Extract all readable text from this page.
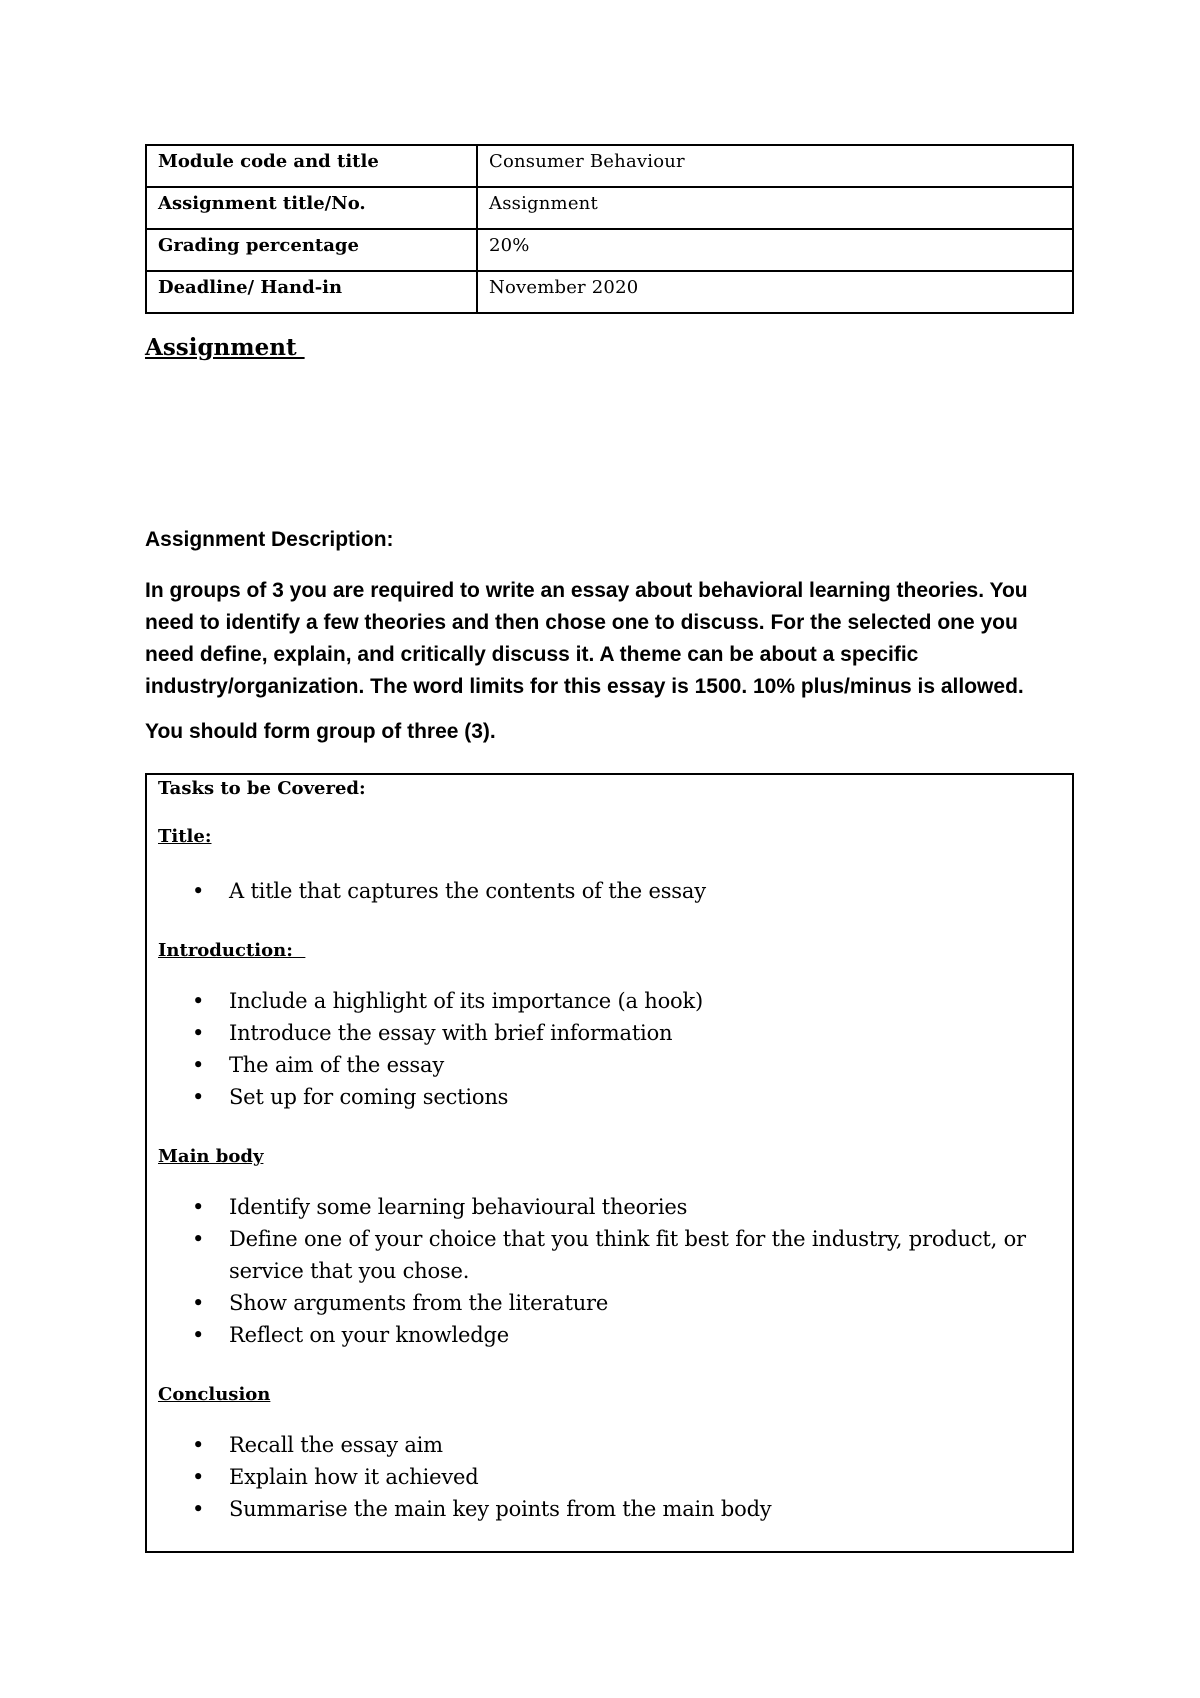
Module code and title	Consumer Behaviour
Assignment title/No.	Assignment
Grading percentage	20%
Deadline/ Hand-in	November 2020
Assignment
Assignment Description:
In groups of 3 you are required to write an essay about behavioral learning theories. You
need to identify a few theories and then chose one to discuss. For the selected one you
need define, explain, and critically discuss it. A theme can be about a specific
industry/organization. The word limits for this essay is 1500. 10% plus/minus is allowed.
You should form group of three (3).
Tasks to be Covered:
Title:
• A title that captures the contents of the essay
Introduction:
• Include a highlight of its importance (a hook)
• Introduce the essay with brief information
• The aim of the essay
• Set up for coming sections
Main body
• Identify some learning behavioural theories
• Define one of your choice that you think fit best for the industry, product, or service that you chose.
• Show arguments from the literature
• Reflect on your knowledge
Conclusion
• Recall the essay aim
• Explain how it achieved
• Summarise the main key points from the main body
